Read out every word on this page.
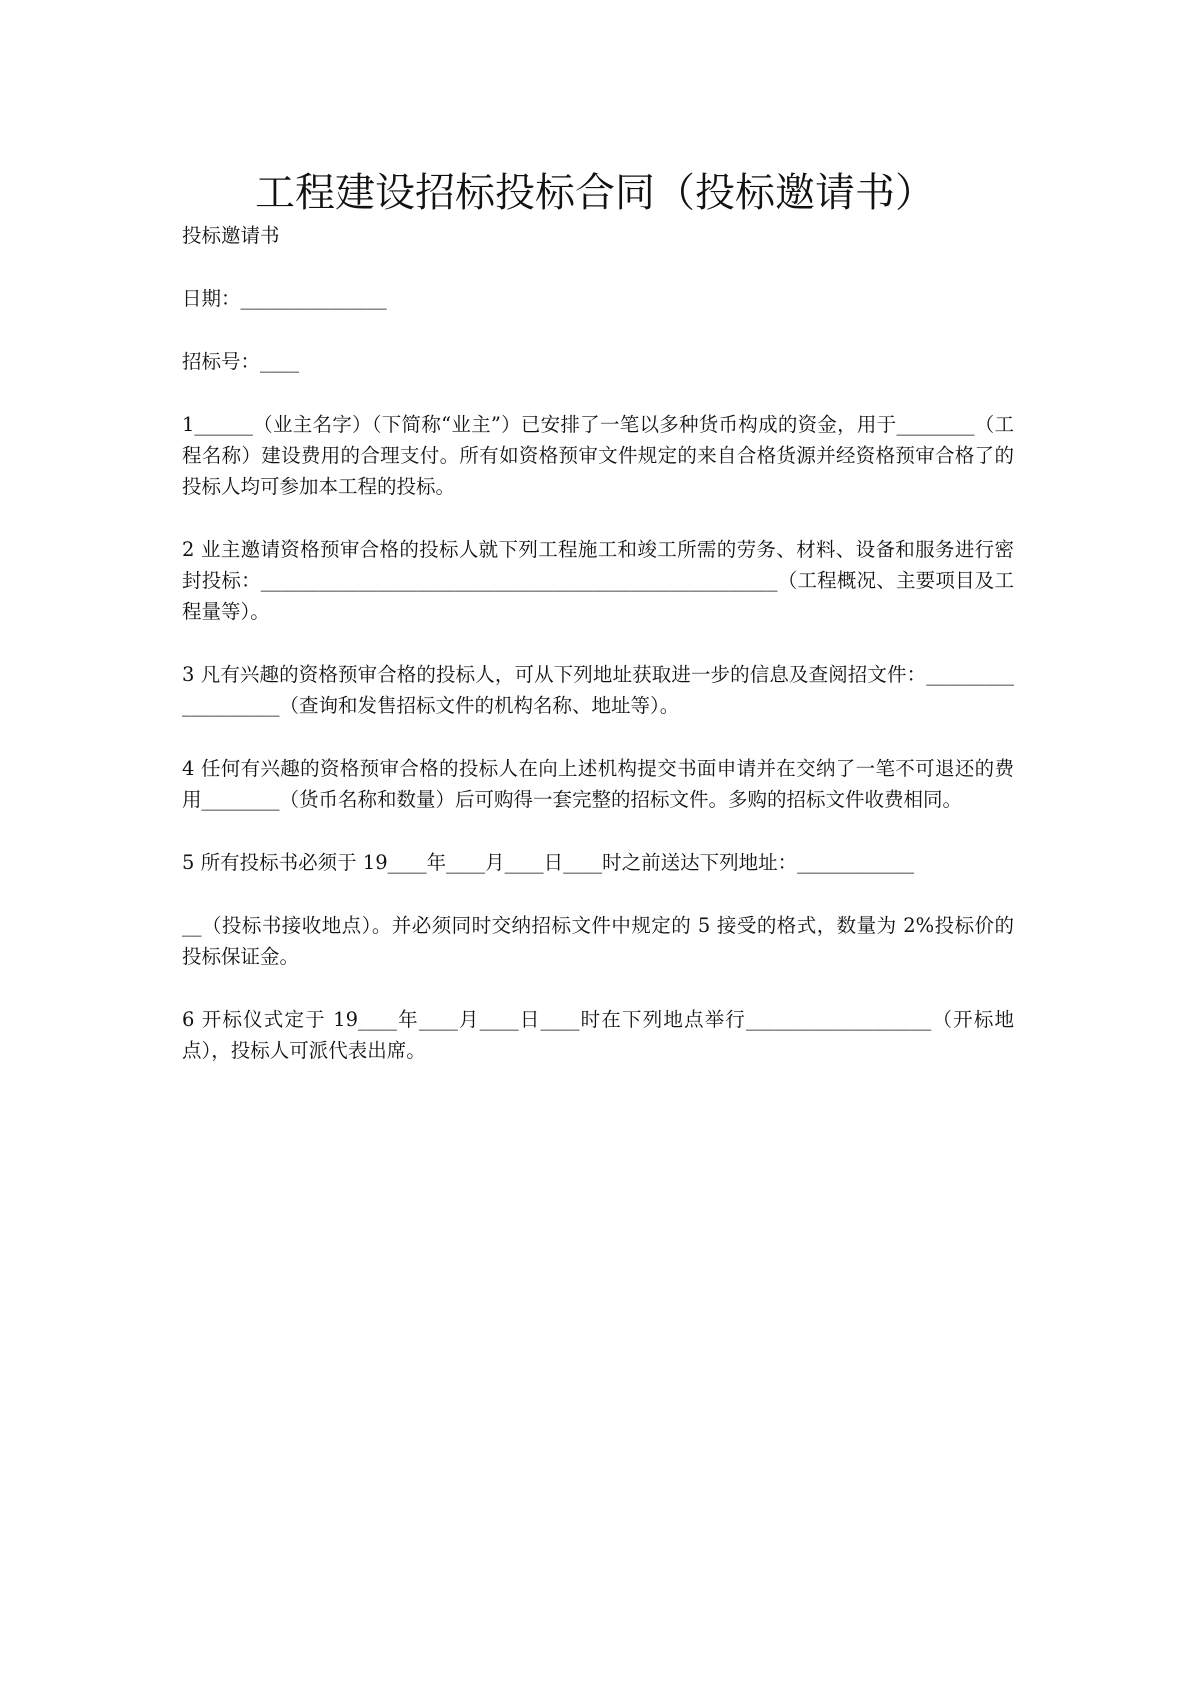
工程建设招标投标合同（投标邀请书）

投标邀请书

日期：_______________

招标号：____

1______（业主名字）（下简称“业主”）已安排了一笔以多种货币构成的资金，用于________（工程名称）建设费用的合理支付。所有如资格预审文件规定的来自合格货源并经资格预审合格了的投标人均可参加本工程的投标。

2 业主邀请资格预审合格的投标人就下列工程施工和竣工所需的劳务、材料、设备和服务进行密封投标：_____________________________________________________（工程概况、主要项目及工程量等）。

3 凡有兴趣的资格预审合格的投标人，可从下列地址获取进一步的信息及查阅招文件：___________________（查询和发售招标文件的机构名称、地址等）。

4 任何有兴趣的资格预审合格的投标人在向上述机构提交书面申请并在交纳了一笔不可退还的费用________（货币名称和数量）后可购得一套完整的招标文件。多购的招标文件收费相同。

5 所有投标书必须于 19____年____月____日____时之前送达下列地址：____________

__（投标书接收地点）。并必须同时交纳招标文件中规定的 5 接受的格式，数量为 2%投标价的投标保证金。

6 开标仪式定于 19____年____月____日____时在下列地点举行___________________（开标地点），投标人可派代表出席。
